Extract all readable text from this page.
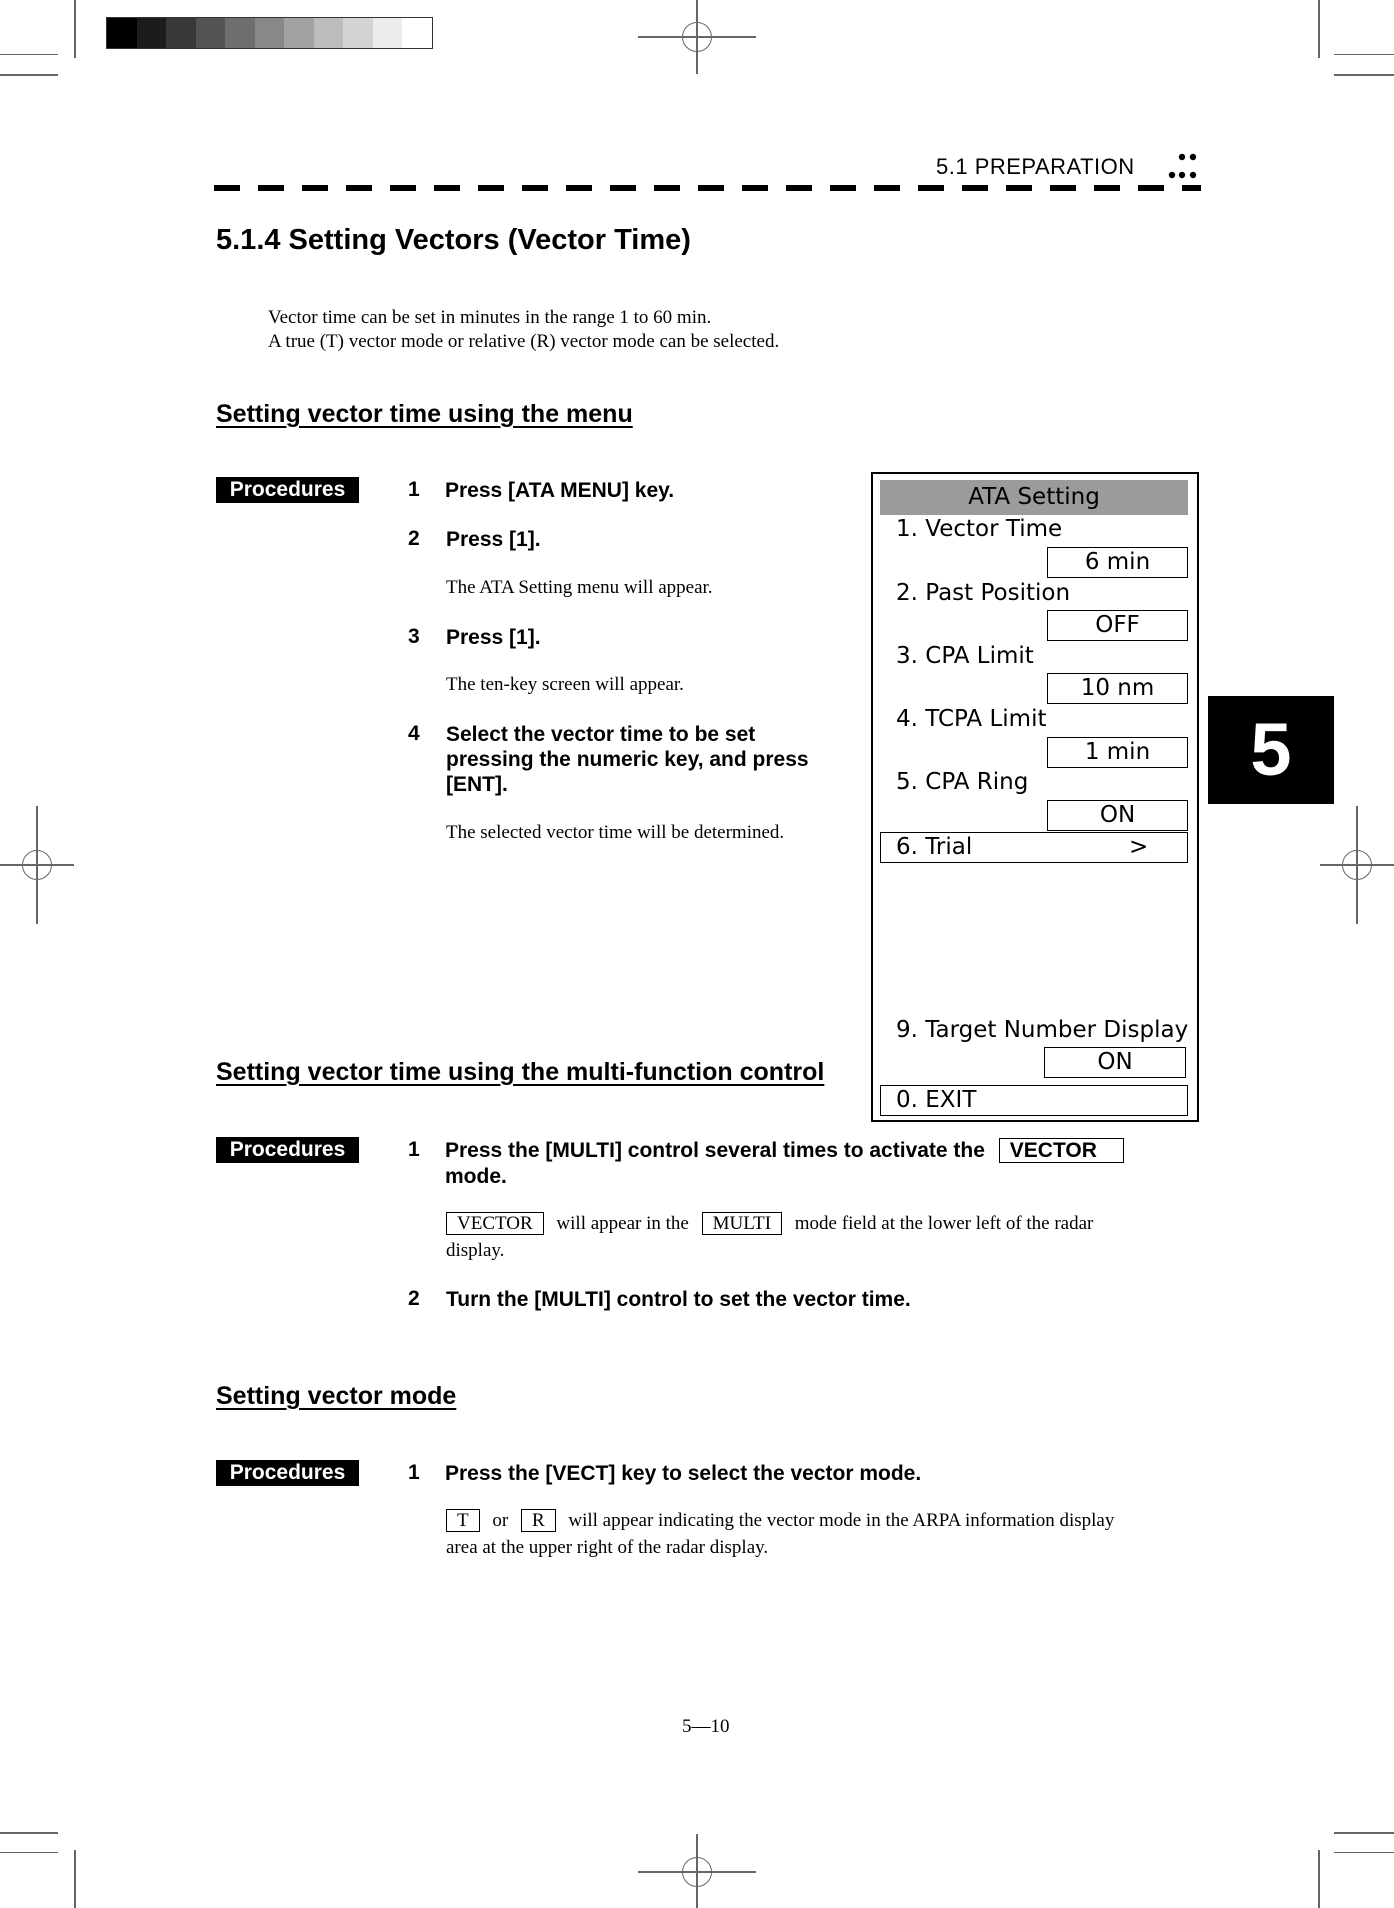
5.1 PREPARATION
5.1.4 Setting Vectors (Vector Time)
Vector time can be set in minutes in the range 1 to 60 min.
A true (T) vector mode or relative (R) vector mode can be selected.
Setting vector time using the menu
Procedures	1 Press [ATA MENU] key.
2 Press [1].
The ATA Setting menu will appear.
3 Press [1].
The ten-key screen will appear.
4 Select the vector time to be set
pressing the numeric key, and press
[ENT].
The selected vector time will be determined.
ATA Setting
1. Vector Time
6 min
2. Past Position
OFF
3. CPA Limit
10 nm
4. TCPA Limit
1 min
5. CPA Ring
ON
6. Trial	>
9. Target Number Display
ON
0. EXIT
5
Setting vector time using the multi-function control
Procedures	1 Press the [MULTI] control several times to activate the VECTOR
mode.
VECTOR will appear in the MULTI mode field at the lower left of the radar
display.
2 Turn the [MULTI] control to set the vector time.
Setting vector mode
Procedures	1 Press the [VECT] key to select the vector mode.
T or R will appear indicating the vector mode in the ARPA information display
area at the upper right of the radar display.
5—10
